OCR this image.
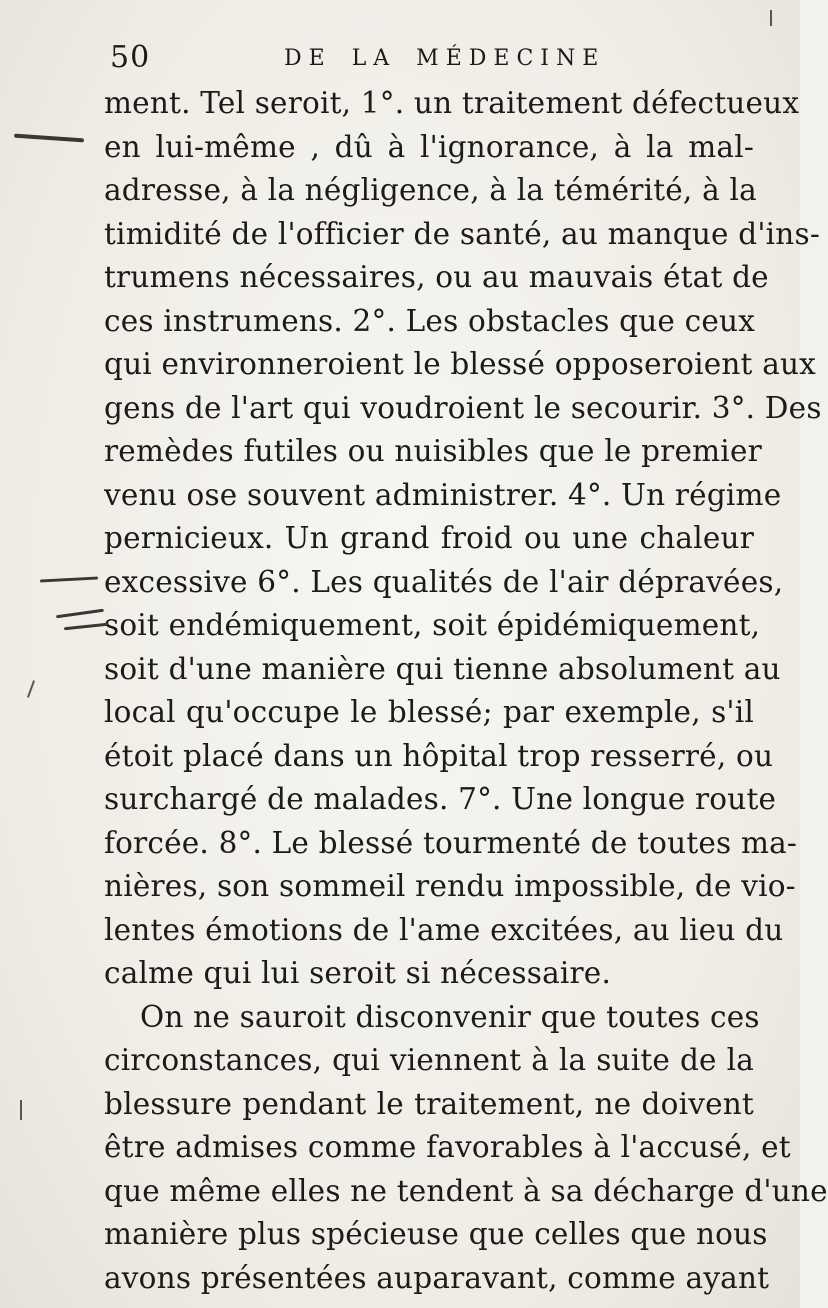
50	DE LA MÉDECINE
ment. Tel seroit, 1°. un traitement défectueux
en lui-même , dû à l'ignorance, à la mal-
adresse, à la négligence, à la témérité, à la
timidité de l'officier de santé, au manque d'ins-
trumens nécessaires, ou au mauvais état de
ces instrumens. 2°. Les obstacles que ceux
qui environneroient le blessé opposeroient aux
gens de l'art qui voudroient le secourir. 3°. Des
remèdes futiles ou nuisibles que le premier
venu ose souvent administrer. 4°. Un régime
pernicieux. Un grand froid ou une chaleur
excessive 6°. Les qualités de l'air dépravées,
soit endémiquement, soit épidémiquement,
soit d'une manière qui tienne absolument au
local qu'occupe le blessé; par exemple, s'il
étoit placé dans un hôpital trop resserré, ou
surchargé de malades. 7°. Une longue route
forcée. 8°. Le blessé tourmenté de toutes ma-
nières, son sommeil rendu impossible, de vio-
lentes émotions de l'ame excitées, au lieu du
calme qui lui seroit si nécessaire.
On ne sauroit disconvenir que toutes ces
circonstances, qui viennent à la suite de la
blessure pendant le traitement, ne doivent
être admises comme favorables à l'accusé, et
que même elles ne tendent à sa décharge d'une
manière plus spécieuse que celles que nous
avons présentées auparavant, comme ayant
